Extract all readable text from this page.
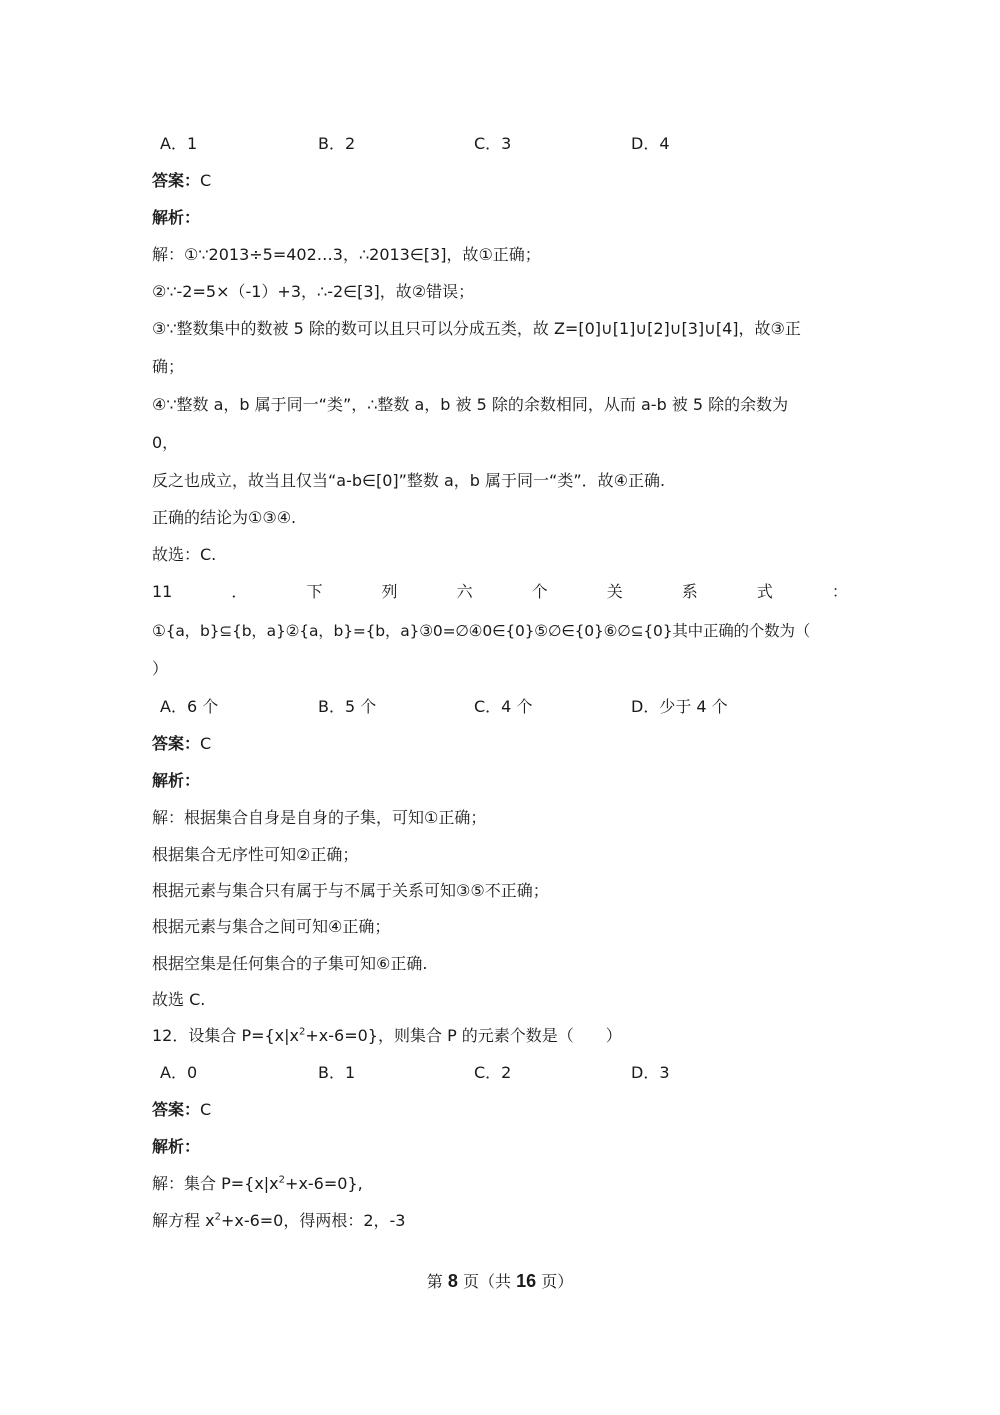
A．1	B．2	C．3	D．4
答案：C
解析：
解：①∵2013÷5=402…3，∴2013∈[3]，故①正确；
②∵-2=5×（-1）+3，∴-2∈[3]，故②错误；
③∵整数集中的数被 5 除的数可以且只可以分成五类，故 Z=[0]∪[1]∪[2]∪[3]∪[4]，故③正
确；
④∵整数 a，b 属于同一“类”，∴整数 a，b 被 5 除的余数相同，从而 a-b 被 5 除的余数为
0，
反之也成立，故当且仅当“a-b∈[0]”整数 a，b 属于同一“类”．故④正确.
正确的结论为①③④.
故选：C.
11	．	下	列	六	个	关	系	式	：
①{a，b}⊆{b，a}②{a，b}={b，a}③0=∅④0∈{0}⑤∅∈{0}⑥∅⊆{0}其中正确的个数为（
）
A．6 个	B．5 个	C．4 个	D．少于 4 个
答案：C
解析：
解：根据集合自身是自身的子集，可知①正确；
根据集合无序性可知②正确；
根据元素与集合只有属于与不属于关系可知③⑤不正确；
根据元素与集合之间可知④正确；
根据空集是任何集合的子集可知⑥正确.
故选 C.
12．设集合 $P=\{x|x^2+x-6=0\}$，则集合 P 的元素个数是（　　）
A．0	B．1	C．2	D．3
答案：C
解析：
解：集合 $P=\{x|x^2+x-6=0\}$,
解方程 $x^2+x-6=0$，得两根：2，-3
第 8 页（共 16 页）
